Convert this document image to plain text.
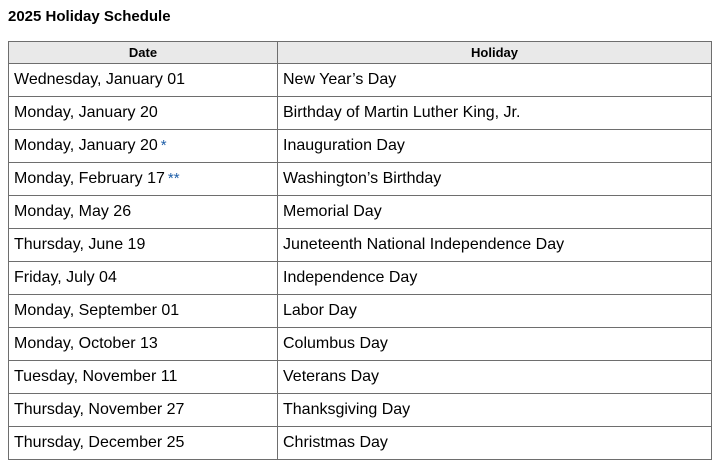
2025 Holiday Schedule
Date	Holiday
Wednesday, January 01	New Year’s Day
Monday, January 20	Birthday of Martin Luther King, Jr.
Monday, January 20 *	Inauguration Day
Monday, February 17 **	Washington’s Birthday
Monday, May 26	Memorial Day
Thursday, June 19	Juneteenth National Independence Day
Friday, July 04	Independence Day
Monday, September 01	Labor Day
Monday, October 13	Columbus Day
Tuesday, November 11	Veterans Day
Thursday, November 27	Thanksgiving Day
Thursday, December 25	Christmas Day
